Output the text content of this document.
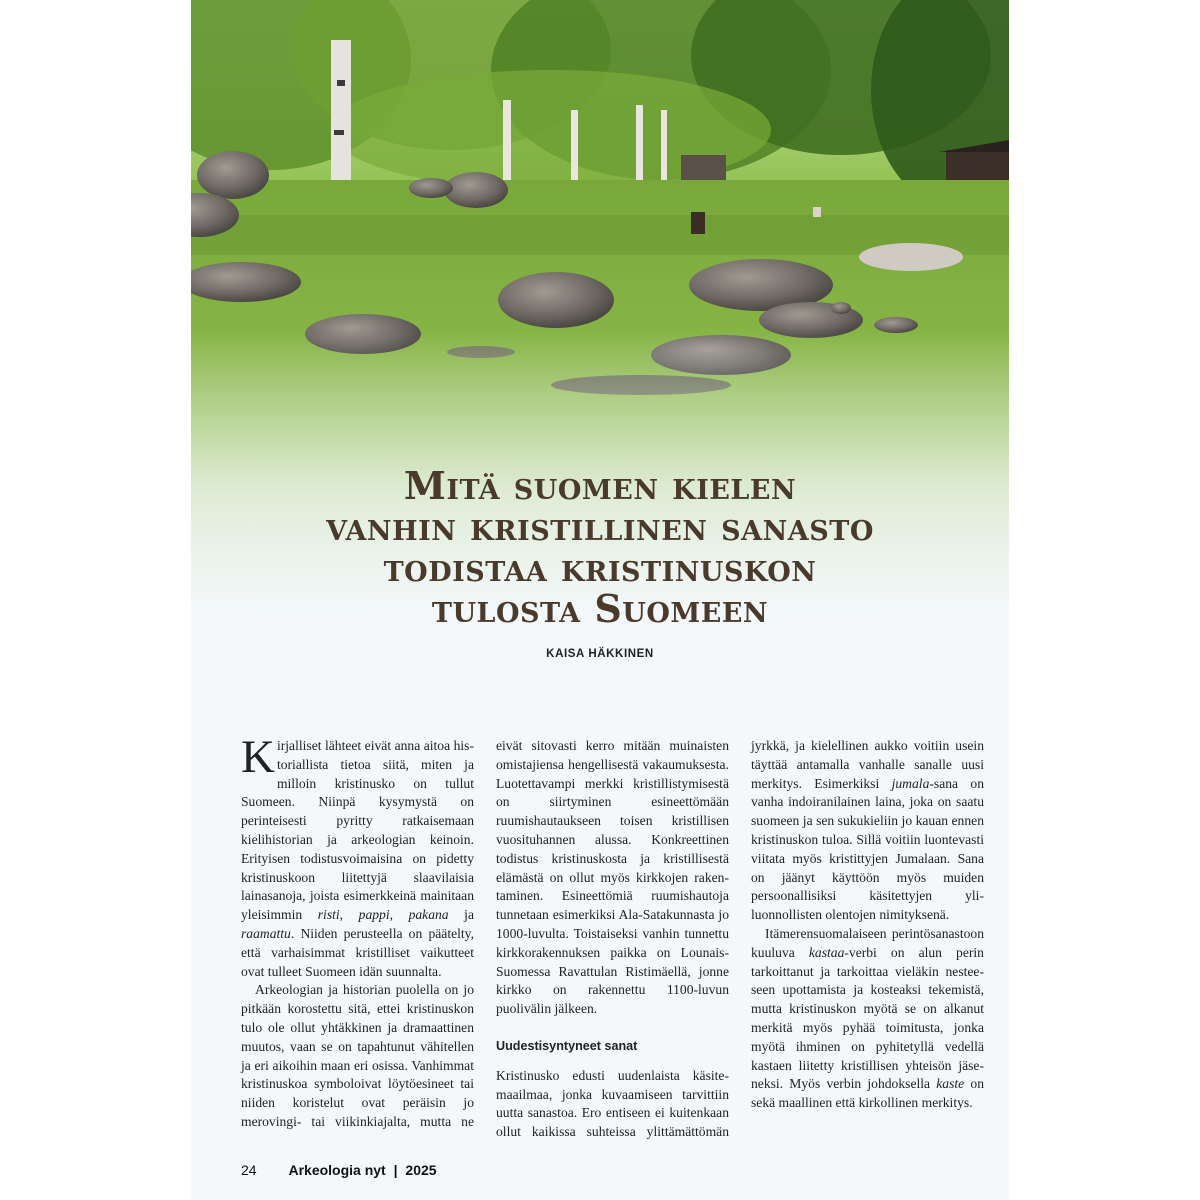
Mitä suomen kielen
vanhin kristillinen sanasto
todistaa kristinuskon
tulosta Suomeen
KAISA HÄKKINEN
24 Arkeologia nyt | 2025

Kirjalliset lähteet eivät anna aitoa historiallista tietoa siitä, miten ja milloin kristinusko on tullut Suomeen. Niinpä kysymystä on perinteisesti pyritty ratkaisemaan kielihistorian ja arkeologian keinoin. Erityisen todistusvoimaisina on pidetty kristinuskoon liitettyjä slaavilaisia lainasanoja, joista esimerkkeinä mainitaan yleisimmin risti, pappi, pakana ja raamattu. Niiden perusteella on päätelty, että varhaisimmat kristilliset vaikutteet ovat tulleet Suomeen idän suunnalta.

Arkeologian ja historian puolella on jo pitkään korostettu sitä, ettei kristinuskon tulo ole ollut yhtäkkinen ja dramaattinen muutos, vaan se on tapahtunut vähitellen ja eri aikoihin maan eri osissa. Vanhimmat kristinuskoa symboloivat löytöesineet tai niiden koristelut ovat peräisin jo merovingi- tai viikinkiajalta, mutta ne eivät sitovasti kerro mitään muinaisten omistajiensa hengellisestä vakaumuksesta. Luotettavampi merkki kristillistymisestä on siirtyminen esineettömään ruumishautaukseen toisen kristillisen vuosituhannen alussa. Konkreettinen todistus kristinuskosta ja kristillisestä elämästä on ollut myös kirkkojen rakentaminen. Esineettömiä ruumishautoja tunnetaan esimerkiksi Ala-Satakunnasta jo 1000-luvulta. Toistaiseksi vanhin tunnettu kirkkorakennuksen paikka on Lounais-Suomessa Ravattulan Ristimäellä, jonne kirkko on rakennettu 1100-luvun puolivälin jälkeen.

Uudestisyntyneet sanat

Kristinusko edusti uudenlaista käsitemaailmaa, jonka kuvaamiseen tarvittiin uutta sanastoa. Ero entiseen ei kuitenkaan ollut kaikissa suhteissa ylittämättömän jyrkkä, ja kielellinen aukko voitiin usein täyttää antamalla vanhalle sanalle uusi merkitys. Esimerkiksi jumala-sana on vanha indoiranilainen laina, joka on saatu suomeen ja sen sukukieliin jo kauan ennen kristinuskon tuloa. Sillä voitiin luontevasti viitata myös kristittyjen Jumalaan. Sana on jäänyt käyttöön myös muiden persoonallisiksi käsitettyjen yliluonnollisten olentojen nimityksenä.

Itämerensuomalaiseen perintösanastoon kuuluva kastaa-verbi on alun perin tarkoittanut ja tarkoittaa vieläkin nesteeseen upottamista ja kosteaksi tekemistä, mutta kristinuskon myötä se on alkanut merkitä myös pyhää toimitusta, jonka myötä ihminen on pyhitetyllä vedellä kastaen liitetty kristillisen yhteisön jäseneksi. Myös verbin johdoksella kaste on sekä maallinen että kirkollinen merkitys.
